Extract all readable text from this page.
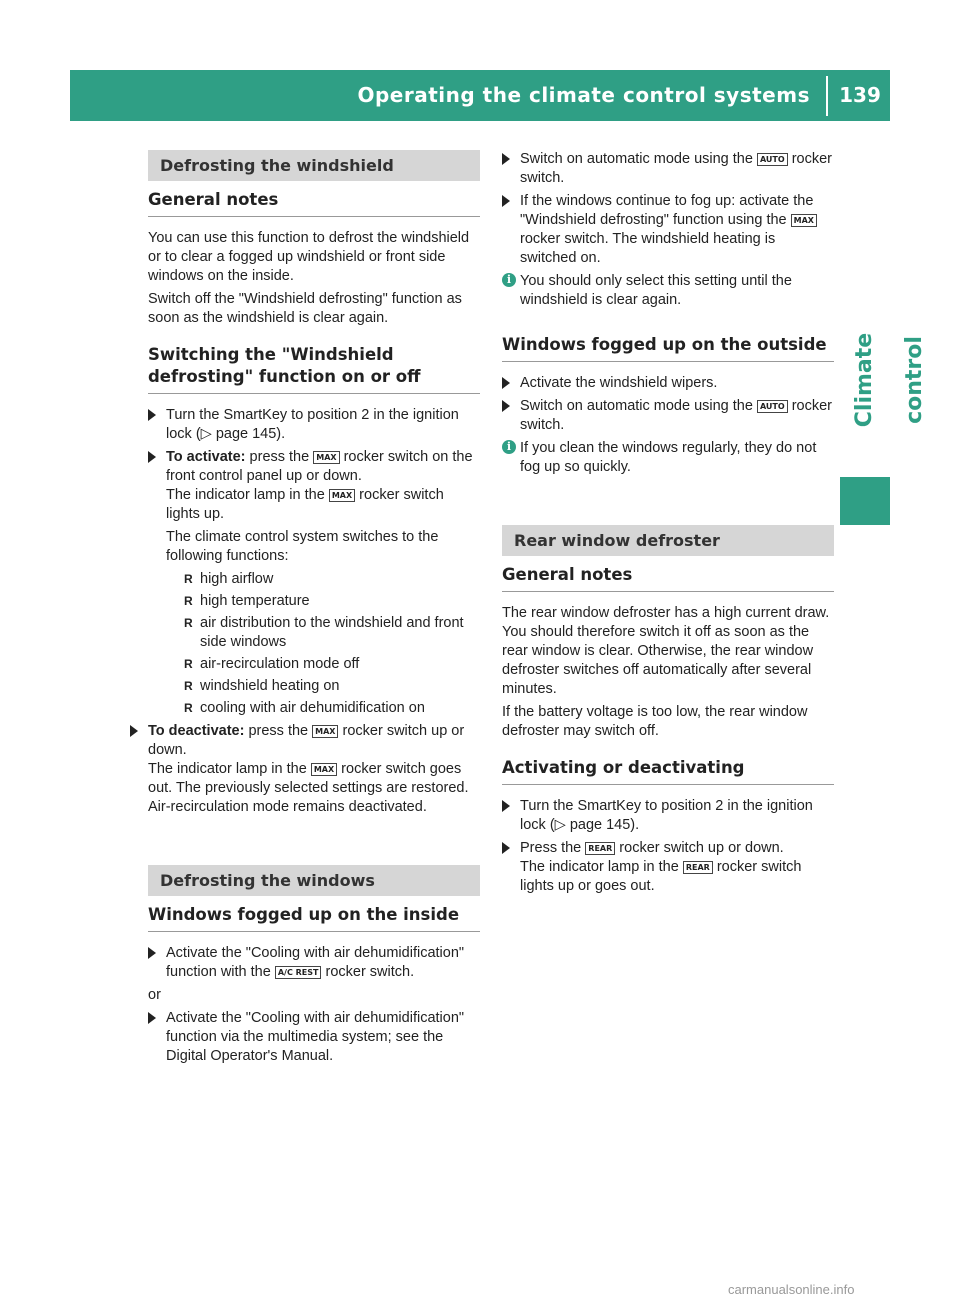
Operating the climate control systems	139
Climate control
Defrosting the windshield
General notes

You can use this function to defrost the windshield or to clear a fogged up windshield or front side windows on the inside.

Switch off the "Windshield defrosting" function as soon as the windshield is clear again.

Switching the "Windshield defrosting" function on or off
Turn the SmartKey to position 2 in the ignition lock (▷ page 145).
To activate: press the MAX rocker switch on the front control panel up or down.
The indicator lamp in the MAX rocker switch lights up.

The climate control system switches to the following functions:

R high airflow
R high temperature
R air distribution to the windshield and front side windows
R air-recirculation mode off
R windshield heating on
R cooling with air dehumidification on
To deactivate: press the MAX rocker switch up or down.
The indicator lamp in the MAX rocker switch goes out. The previously selected settings are restored. Air-recirculation mode remains deactivated.
Defrosting the windows
Windows fogged up on the inside
Activate the "Cooling with air dehumidification" function with the A/C REST rocker switch.

or

Activate the "Cooling with air dehumidification" function via the multimedia system; see the Digital Operator's Manual.
Switch on automatic mode using the AUTO rocker switch.
If the windows continue to fog up: activate the "Windshield defrosting" function using the MAX rocker switch. The windshield heating is switched on.
i You should only select this setting until the windshield is clear again.
Windows fogged up on the outside
Activate the windshield wipers.
Switch on automatic mode using the AUTO rocker switch.
i If you clean the windows regularly, they do not fog up so quickly.
Rear window defroster
General notes

The rear window defroster has a high current draw. You should therefore switch it off as soon as the rear window is clear. Otherwise, the rear window defroster switches off automatically after several minutes.

If the battery voltage is too low, the rear window defroster may switch off.

Activating or deactivating
Turn the SmartKey to position 2 in the ignition lock (▷ page 145).
Press the REAR rocker switch up or down.
The indicator lamp in the REAR rocker switch lights up or goes out.
carmanualsonline.info
